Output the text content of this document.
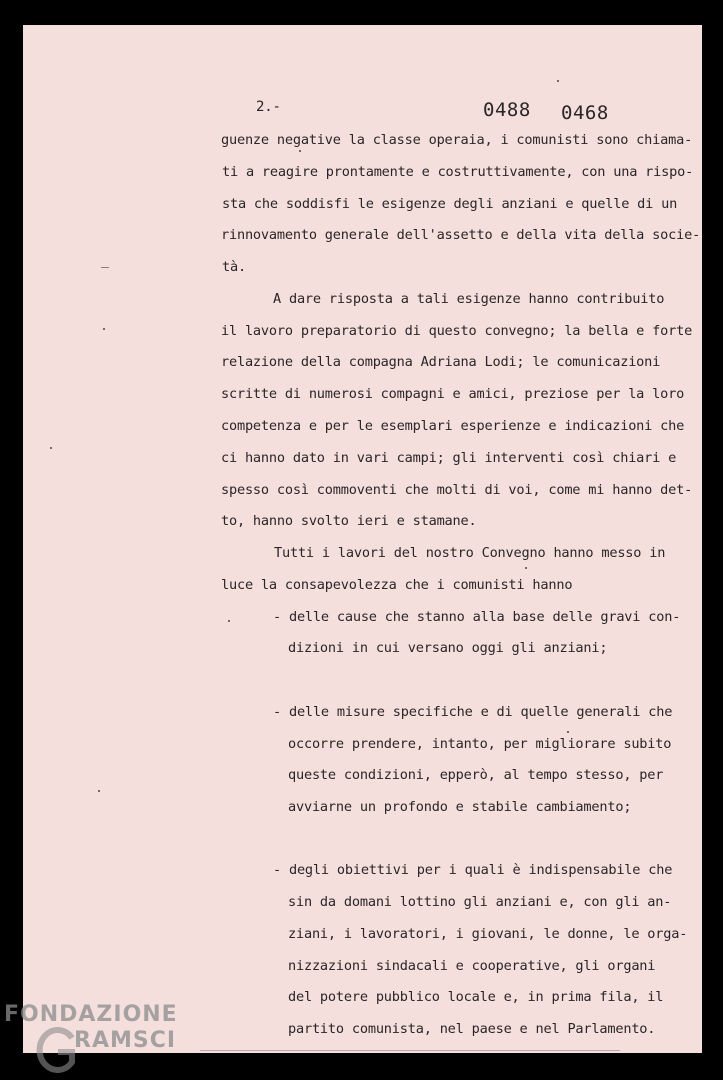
2.-	0488 0468
guenze negative la classe operaia, i comunisti sono chiama-
ti a reagire prontamente e costruttivamente, con una rispo-
sta che soddisfi le esigenze degli anziani e quelle di un
rinnovamento generale dell'assetto e della vita della socie-
tà.
A dare risposta a tali esigenze hanno contribuito
il lavoro preparatorio di questo convegno; la bella e forte
relazione della compagna Adriana Lodi; le comunicazioni
scritte di numerosi compagni e amici, preziose per la loro
competenza e per le esemplari esperienze e indicazioni che
ci hanno dato in vari campi; gli interventi così chiari e
spesso così commoventi che molti di voi, come mi hanno det-
to, hanno svolto ieri e stamane.
Tutti i lavori del nostro Convegno hanno messo in
luce la consapevolezza che i comunisti hanno
- delle cause che stanno alla base delle gravi con-
dizioni in cui versano oggi gli anziani;
- delle misure specifiche e di quelle generali che
occorre prendere, intanto, per migliorare subito
queste condizioni, epperò, al tempo stesso, per
avviarne un profondo e stabile cambiamento;
- degli obiettivi per i quali è indispensabile che
sin da domani lottino gli anziani e, con gli an-
ziani, i lavoratori, i giovani, le donne, le orga-
nizzazioni sindacali e cooperative, gli organi
del potere pubblico locale e, in prima fila, il
partito comunista, nel paese e nel Parlamento.
FONDAZIONE
RAMSCI
